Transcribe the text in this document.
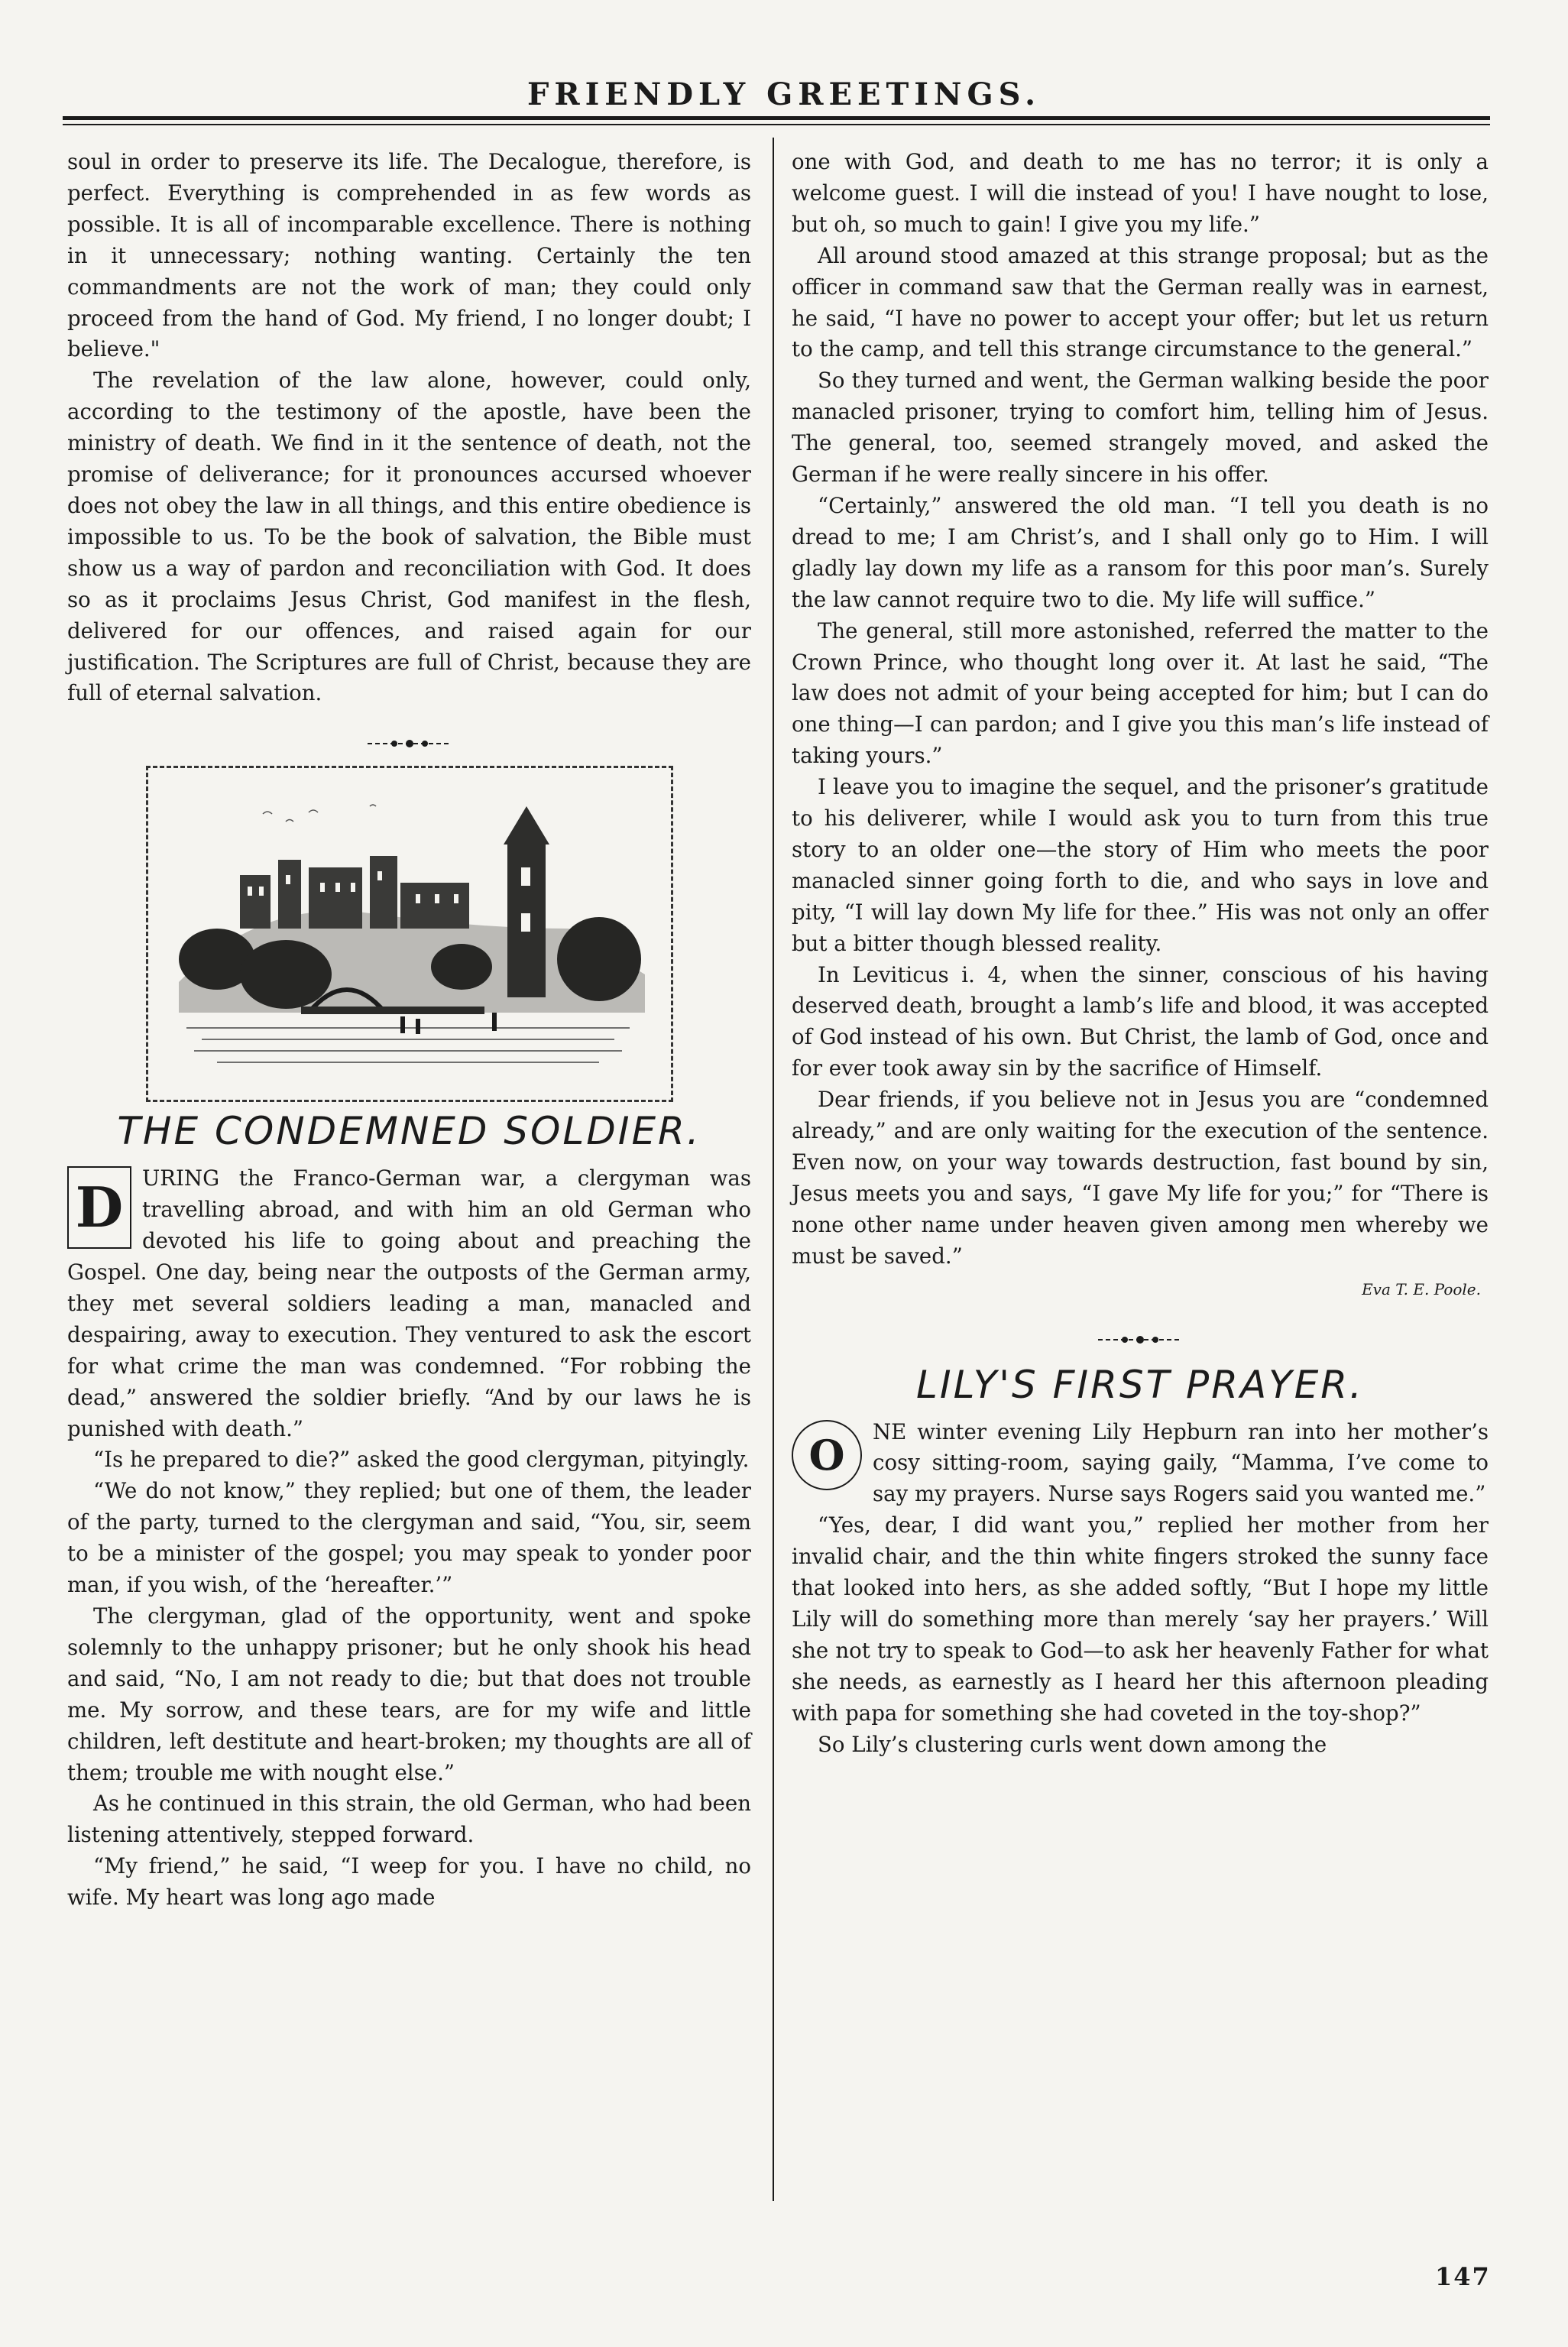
FRIENDLY GREETINGS.

soul in order to preserve its life. The Decalogue, therefore, is perfect. Everything is comprehended in as few words as possible. It is all of incomparable excellence. There is nothing in it unnecessary; nothing wanting. Certainly the ten commandments are not the work of man; they could only proceed from the hand of God. My friend, I no longer doubt; I believe."

The revelation of the law alone, however, could only, according to the testimony of the apostle, have been the ministry of death. We find in it the sentence of death, not the promise of deliverance; for it pronounces accursed whoever does not obey the law in all things, and this entire obedience is impossible to us. To be the book of salvation, the Bible must show us a way of pardon and reconciliation with God. It does so as it proclaims Jesus Christ, God manifest in the flesh, delivered for our offences, and raised again for our justification. The Scriptures are full of Christ, because they are full of eternal salvation.

THE CONDEMNED SOLDIER.

D URING the Franco-German war, a clergyman was travelling abroad, and with him an old German who devoted his life to going about and preaching the Gospel. One day, being near the outposts of the German army, they met several soldiers leading a man, manacled and despairing, away to execution. They ventured to ask the escort for what crime the man was condemned. “For robbing the dead,” answered the soldier briefly. “And by our laws he is punished with death.”

“Is he prepared to die?” asked the good clergyman, pityingly.

“We do not know,” they replied; but one of them, the leader of the party, turned to the clergyman and said, “You, sir, seem to be a minister of the gospel; you may speak to yonder poor man, if you wish, of the ‘hereafter.’”

The clergyman, glad of the opportunity, went and spoke solemnly to the unhappy prisoner; but he only shook his head and said, “No, I am not ready to die; but that does not trouble me. My sorrow, and these tears, are for my wife and little children, left destitute and heart-broken; my thoughts are all of them; trouble me with nought else.”

As he continued in this strain, the old German, who had been listening attentively, stepped forward.

“My friend,” he said, “I weep for you. I have no child, no wife. My heart was long ago made

one with God, and death to me has no terror; it is only a welcome guest. I will die instead of you! I have nought to lose, but oh, so much to gain! I give you my life.”

All around stood amazed at this strange proposal; but as the officer in command saw that the German really was in earnest, he said, “I have no power to accept your offer; but let us return to the camp, and tell this strange circumstance to the general.”

So they turned and went, the German walking beside the poor manacled prisoner, trying to comfort him, telling him of Jesus. The general, too, seemed strangely moved, and asked the German if he were really sincere in his offer.

“Certainly,” answered the old man. “I tell you death is no dread to me; I am Christ’s, and I shall only go to Him. I will gladly lay down my life as a ransom for this poor man’s. Surely the law cannot require two to die. My life will suffice.”

The general, still more astonished, referred the matter to the Crown Prince, who thought long over it. At last he said, “The law does not admit of your being accepted for him; but I can do one thing—I can pardon; and I give you this man’s life instead of taking yours.”

I leave you to imagine the sequel, and the prisoner’s gratitude to his deliverer, while I would ask you to turn from this true story to an older one—the story of Him who meets the poor manacled sinner going forth to die, and who says in love and pity, “I will lay down My life for thee.” His was not only an offer but a bitter though blessed reality.

In Leviticus i. 4, when the sinner, conscious of his having deserved death, brought a lamb’s life and blood, it was accepted of God instead of his own. But Christ, the lamb of God, once and for ever took away sin by the sacrifice of Himself.

Dear friends, if you believe not in Jesus you are “condemned already,” and are only waiting for the execution of the sentence. Even now, on your way towards destruction, fast bound by sin, Jesus meets you and says, “I gave My life for you;” for “There is none other name under heaven given among men whereby we must be saved.”

Eva T. E. Poole.
LILY'S FIRST PRAYER.

O	NE winter evening Lily Hepburn ran into her mother’s cosy sitting-room, saying gaily, “Mamma, I’ve come to say my prayers. Nurse says Rogers said you wanted me.”

“Yes, dear, I did want you,” replied her mother from her invalid chair, and the thin white fingers stroked the sunny face that looked into hers, as she added softly, “But I hope my little Lily will do something more than merely ‘say her prayers.’ Will she not try to speak to God—to ask her heavenly Father for what she needs, as earnestly as I heard her this afternoon pleading with papa for something she had coveted in the toy-shop?”

So Lily’s clustering curls went down among the

147
